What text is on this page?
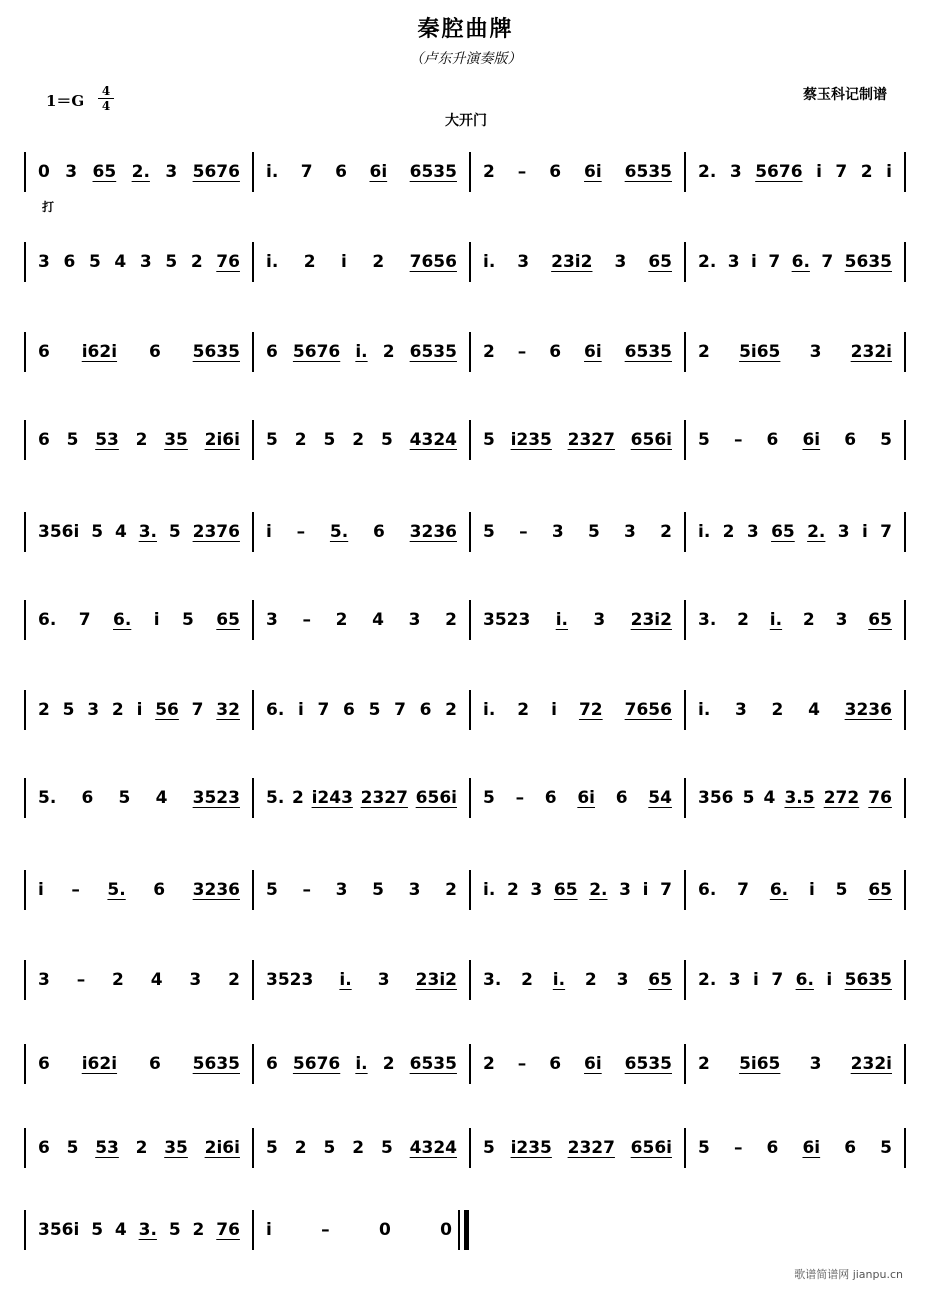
秦腔曲牌
（卢东升演奏版）
1＝G
4
4
蔡玉科记制谱
大开门
打
0 3 65 2. 3 5676 i. 7 6 6i 6535 2 – 6 6i 6535 2. 3 5676 i 7 2 i
3 6 5 4 3 5 2 76 i. 2 i 2 7656 i. 3 23i2 3 65 2. 3 i 7 6. 7 5635
6 i62i 6 5635 6 5676 i. 2 6535 2 – 6 6i 6535 2 5i65 3 232i
6 5 53 2 35 2i6i 5 2 5 2 5 4324 5 i235 2327 656i 5 – 6 6i 6 5
356i 5 4 3. 5 2376 i – 5. 6 3236 5 – 3 5 3 2 i. 2 3 65 2. 3 i 7
6. 7 6. i 5 65 3 – 2 4 3 2 3523 i. 3 23i2 3. 2 i. 2 3 65
2 5 3 2 i 56 7 32 6. i 7 6 5 7 6 2 i. 2 i 72 7656 i. 3 2 4 3236
5. 6 5 4 3523 5. 2 i243 2327 656i 5 – 6 6i 6 54 356 5 4 3.5 272 76
i – 5. 6 3236 5 – 3 5 3 2 i. 2 3 65 2. 3 i 7 6. 7 6. i 5 65
3 – 2 4 3 2 3523 i. 3 23i2 3. 2 i. 2 3 65 2. 3 i 7 6. i 5635
6 i62i 6 5635 6 5676 i. 2 6535 2 – 6 6i 6535 2 5i65 3 232i
6 5 53 2 35 2i6i 5 2 5 2 5 4324 5 i235 2327 656i 5 – 6 6i 6 5
356i 5 4 3. 5 2 76 i	–	0	0
歌谱简谱网 jianpu.cn
